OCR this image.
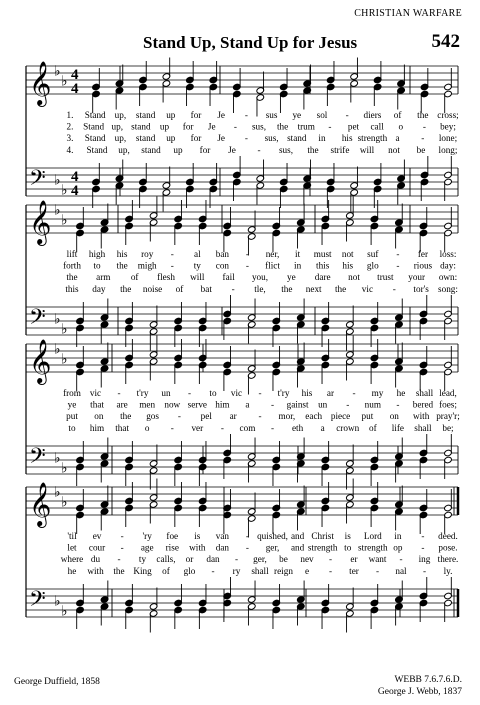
CHRISTIAN WARFARE
Stand Up, Stand Up for Jesus	542
𝄞
𝄢
♭
♭
♭
♭
4
4
4
4
1. Stand up, stand up for Je - sus ye sol - diers of the cross;
2. Stand up, stand up for Je - sus, the trum - pet call o - bey;
3. Stand up, stand up for Je - sus, stand in his strength a - lone;
4. Stand up, stand up for Je - sus, the strife will not be long;
𝄞
𝄢
♭
♭
♭
♭
lift high his roy - al ban - ner, it must not suf - fer loss:
forth to the migh - ty con - flict in this his glo - rious day:
the arm of flesh will fail you, ye dare not trust your own:
this day the noise of bat - tle, the next the vic - tor's song:
𝄞
𝄢
♭
♭
♭
♭
from vic - t'ry un - to vic - t'ry his ar - my he shall lead,
ye that are men now serve him a - gainst un - num - bered foes;
put on the gos - pel ar - mor, each piece put on with pray'r;
to him that o - ver - com - eth a crown of life shall be;
𝄞
𝄢
♭
♭
♭
♭
'til ev - 'ry foe is van - quished, and Christ is Lord in - deed.
let cour - age rise with dan - ger, and strength to strength op - pose.
where du - ty calls, or dan - ger, be nev - er want - ing there.
he with the King of glo - ry shall reign e - ter - nal - ly.
George Duffield, 1858	WEBB 7.6.7.6.D.
George J. Webb, 1837
